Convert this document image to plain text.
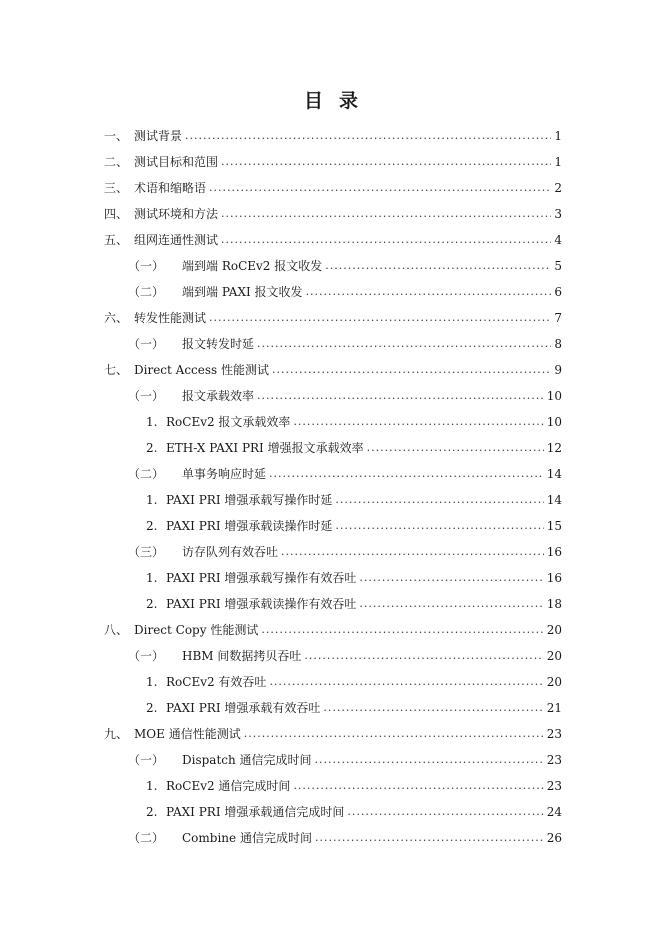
目 录
一、 测试背景 .....	1
二、 测试目标和范围 .....	1
三、 术语和缩略语 .....	2
四、 测试环境和方法 .....	3
五、 组网连通性测试 .....	4
（一）	端到端 RoCEv2 报文收发 .....	5
（二）	端到端 PAXI 报文收发 .....	6
六、 转发性能测试 .....	7
（一）	报文转发时延 .....	8
七、 Direct Access 性能测试 .....	9
（一）	报文承载效率 .....	10
1. RoCEv2 报文承载效率 .....	10
2. ETH-X PAXI PRI 增强报文承载效率 .....	12
（二）	单事务响应时延 .....	14
1. PAXI PRI 增强承载写操作时延 .....	14
2. PAXI PRI 增强承载读操作时延 .....	15
（三）	访存队列有效吞吐 .....	16
1. PAXI PRI 增强承载写操作有效吞吐 .....	16
2. PAXI PRI 增强承载读操作有效吞吐 .....	18
八、 Direct Copy 性能测试 .....	20
（一）	HBM 间数据拷贝吞吐 .....	20
1. RoCEv2 有效吞吐 .....	20
2. PAXI PRI 增强承载有效吞吐 .....	21
九、 MOE 通信性能测试 .....	23
（一）	Dispatch 通信完成时间 .....	23
1. RoCEv2 通信完成时间 .....	23
2. PAXI PRI 增强承载通信完成时间 .....	24
（二）	Combine 通信完成时间 .....	26
